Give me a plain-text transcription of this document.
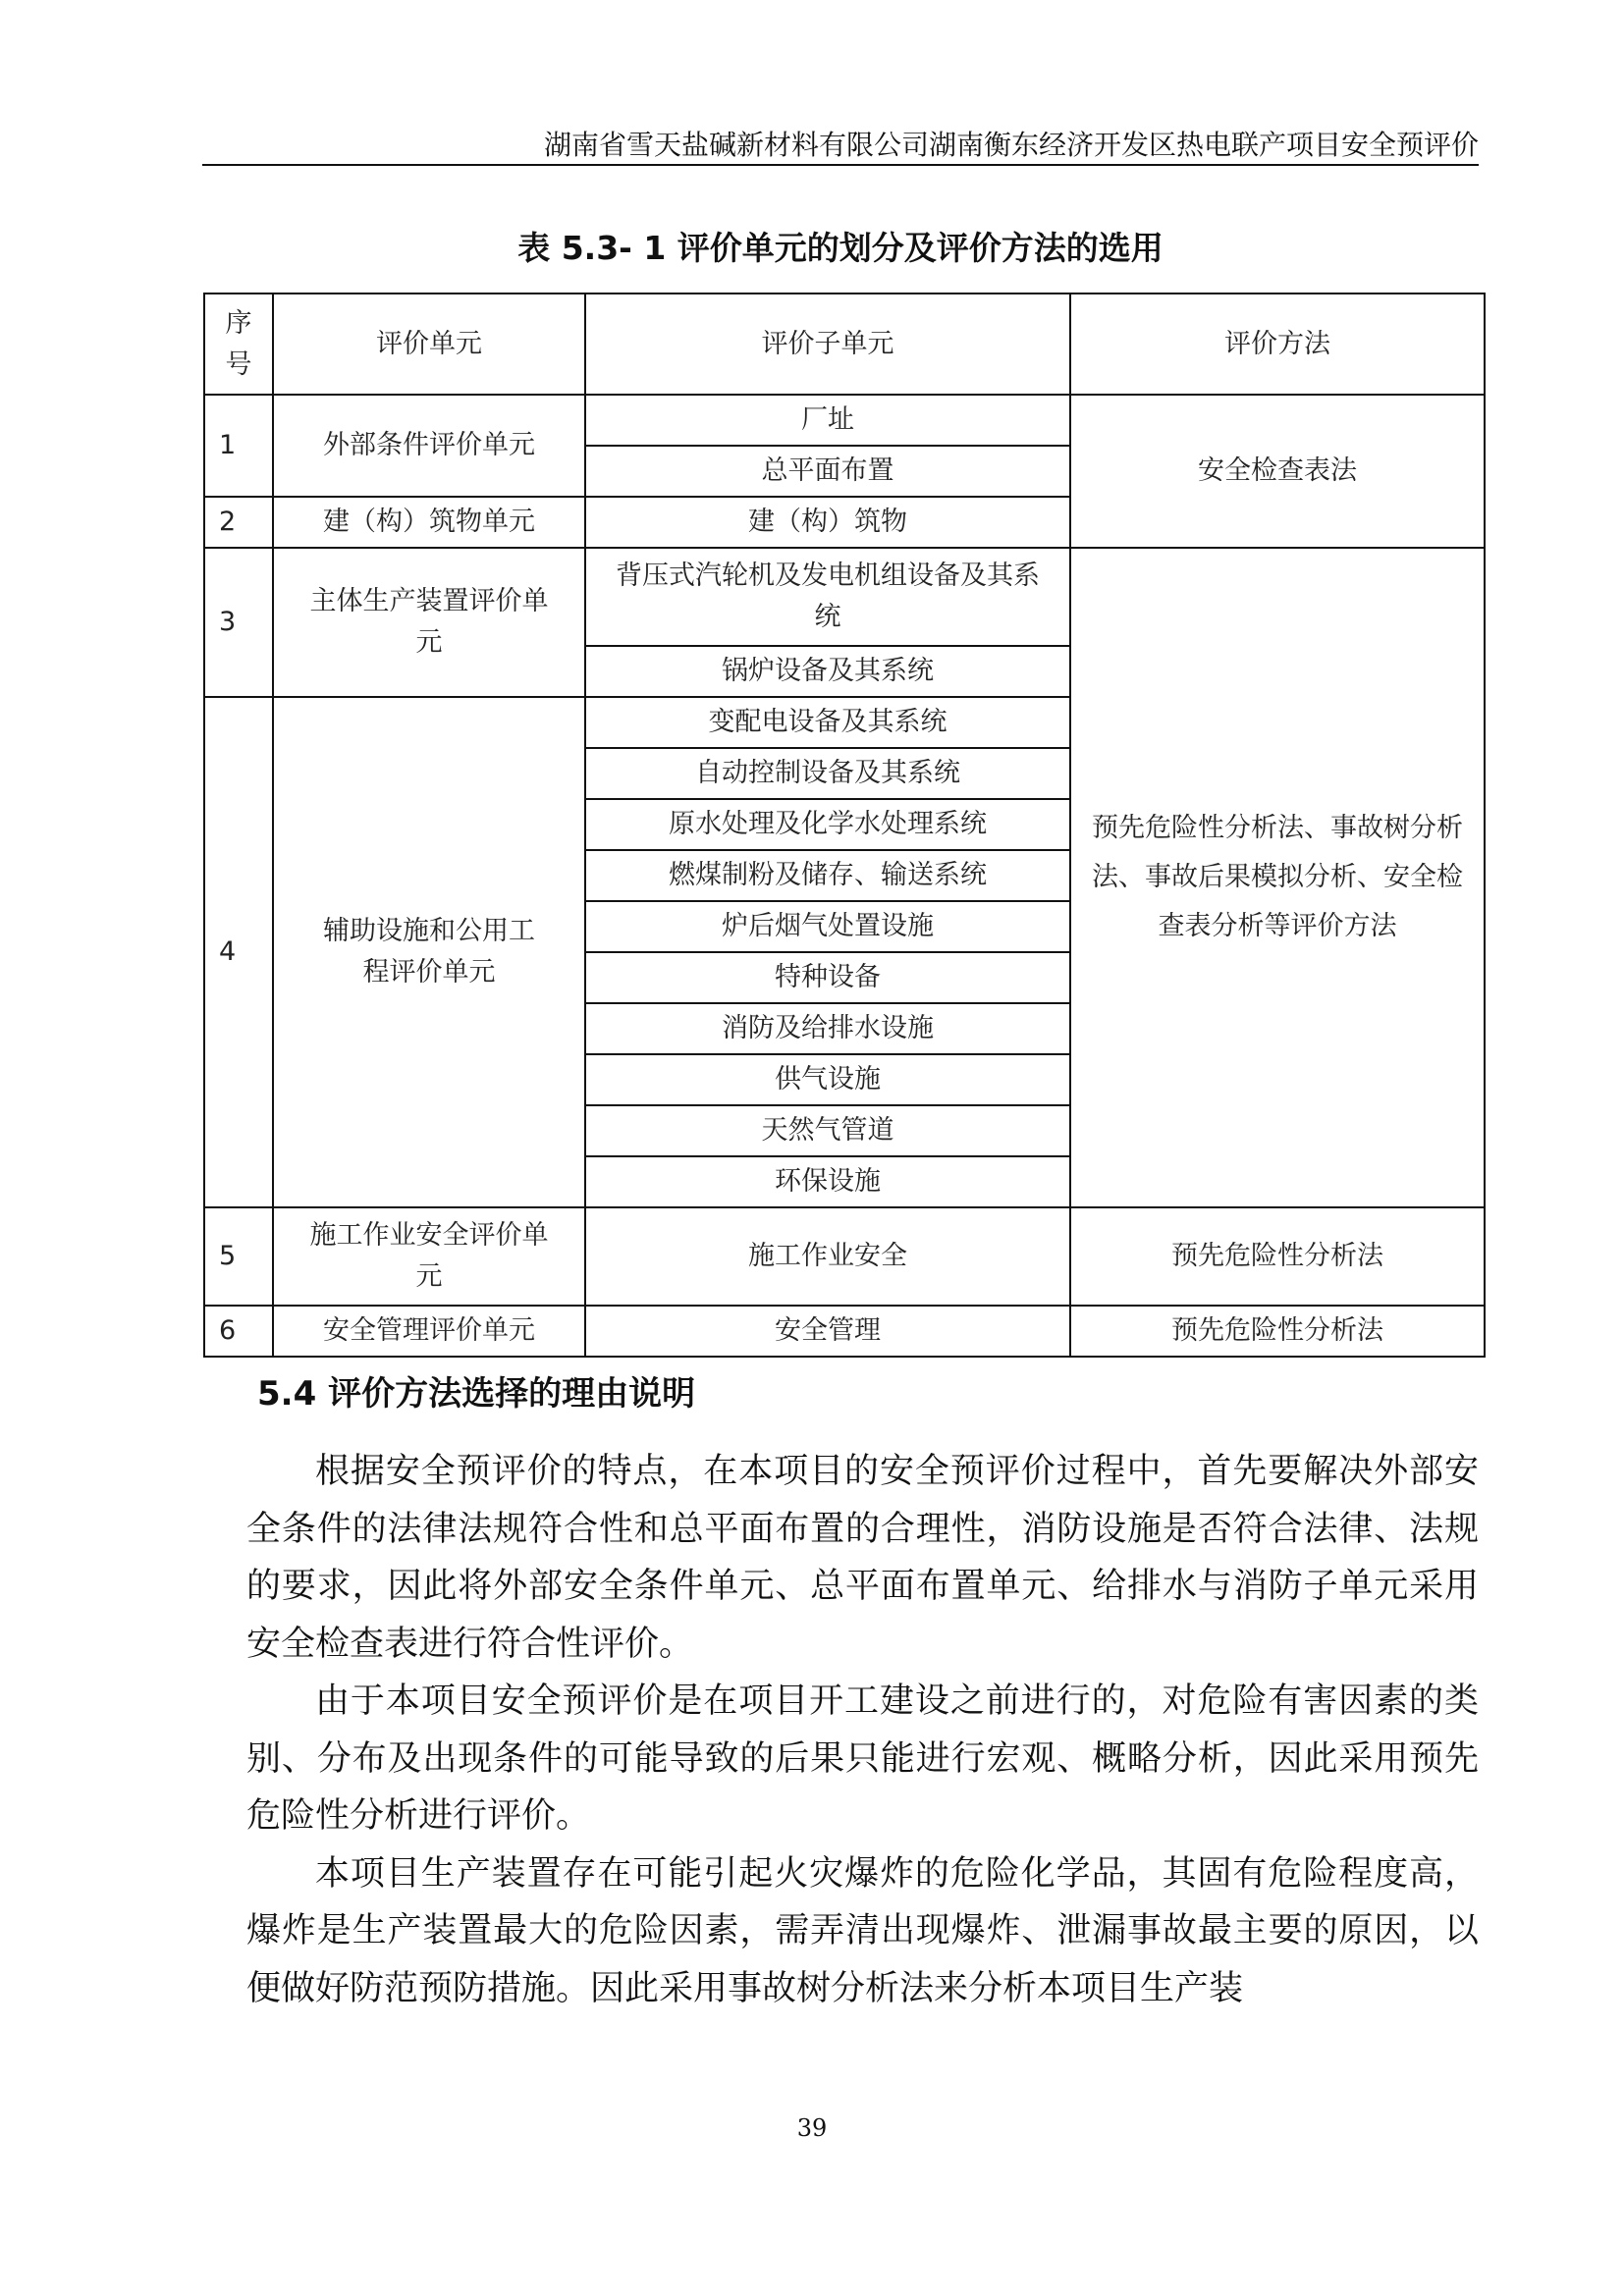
湖南省雪天盐碱新材料有限公司湖南衡东经济开发区热电联产项目安全预评价
表 5.3- 1 评价单元的划分及评价方法的选用
序号	评价单元	评价子单元	评价方法
1	外部条件评价单元	厂址	安全检查表法
		总平面布置	
2	建（构）筑物单元	建（构）筑物	
3	主体生产装置评价单元	背压式汽轮机及发电机组设备及其系统	预先危险性分析法、事故树分析法、事故后果模拟分析、安全检查表分析等评价方法
		锅炉设备及其系统	
4	辅助设施和公用工程评价单元	变配电设备及其系统	
		自动控制设备及其系统	
		原水处理及化学水处理系统	
		燃煤制粉及储存、输送系统	
		炉后烟气处置设施	
		特种设备	
		消防及给排水设施	
		供气设施	
		天然气管道	
		环保设施	
5	施工作业安全评价单元	施工作业安全	预先危险性分析法
6	安全管理评价单元	安全管理	预先危险性分析法
5.4 评价方法选择的理由说明

根据安全预评价的特点，在本项目的安全预评价过程中，首先要解决外部安全条件的法律法规符合性和总平面布置的合理性，消防设施是否符合法律、法规的要求，因此将外部安全条件单元、总平面布置单元、给排水与消防子单元采用安全检查表进行符合性评价。

由于本项目安全预评价是在项目开工建设之前进行的，对危险有害因素的类别、分布及出现条件的可能导致的后果只能进行宏观、概略分析，因此采用预先危险性分析进行评价。

本项目生产装置存在可能引起火灾爆炸的危险化学品，其固有危险程度高，爆炸是生产装置最大的危险因素，需弄清出现爆炸、泄漏事故最主要的原因，以便做好防范预防措施。因此采用事故树分析法来分析本项目生产装

39
